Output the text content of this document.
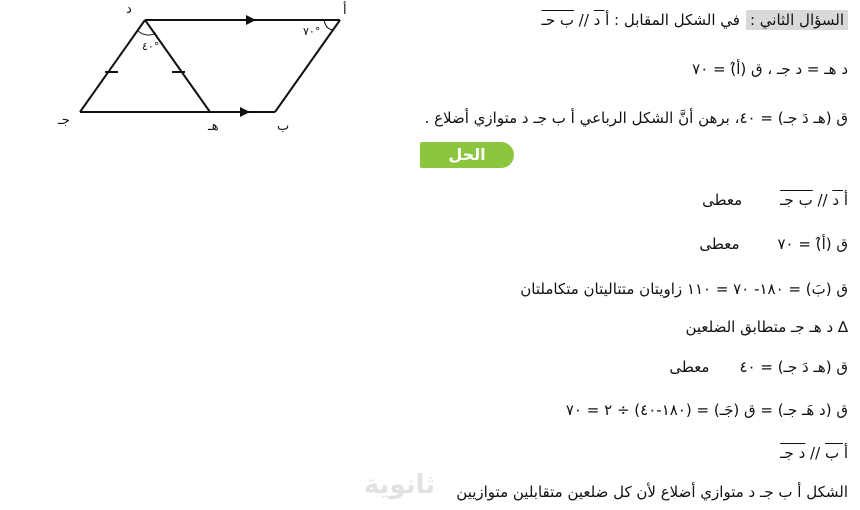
أ
د
ب
هـ
جـ
٤٠°
٧٠°
السؤال الثاني :في الشكل المقابل : أ د // ب حـ
د هـ = د جـ ، ق (أ̂) = ٧٠
ق (هـ دَ جـ) = ٤٠، برهن أنَّ الشكل الرباعي أ ب جـ د متوازي أضلاع .
الحل
أ د // ب جـمعطى
ق (أ̂) = ٧٠معطى
ق (بَ) = ١٨٠- ٧٠ = ١١٠ زاويتان متتاليتان متكاملتان
∆ د هـ جـ متطابق الضلعين
ق (هـ دَ جـ) = ٤٠معطى
ق (د هَـ جـ) = ق (جَـ) = (١٨٠-٤٠) ÷ ٢ = ٧٠
أ ب // د جـ
الشكل أ ب جـ د متوازي أضلاع لأن كل ضلعين متقابلين متوازيين
ثانوية
